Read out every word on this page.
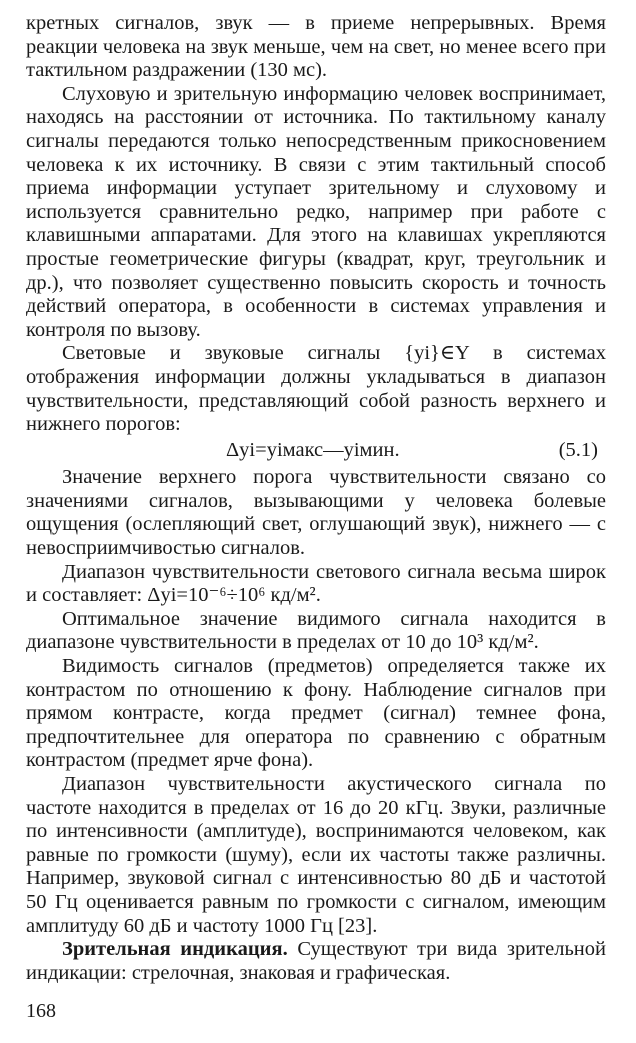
кретных сигналов, звук — в приеме непрерывных. Время реакции человека на звук меньше, чем на свет, но менее всего при тактильном раздражении (130 мс).

Слуховую и зрительную информацию человек воспринимает, находясь на расстоянии от источника. По тактильному каналу сигналы передаются только непосредственным прикосновением человека к их источнику. В связи с этим тактильный способ приема информации уступает зрительному и слуховому и используется сравнительно редко, например при работе с клавишными аппаратами. Для этого на клавишах укрепляются простые геометрические фигуры (квадрат, круг, треугольник и др.), что позволяет существенно повысить скорость и точность действий оператора, в особенности в системах управления и контроля по вызову.

Световые и звуковые сигналы {yi}∈Y в системах отображения информации должны укладываться в диапазон чувствительности, представляющий собой разность верхнего и нижнего порогов:

Δyi=yiмакс—yiмин.	(5.1)

Значение верхнего порога чувствительности связано со значениями сигналов, вызывающими у человека болевые ощущения (ослепляющий свет, оглушающий звук), нижнего — с невосприимчивостью сигналов.

Диапазон чувствительности светового сигнала весьма широк и составляет: Δyi=10⁻⁶÷10⁶ кд/м².

Оптимальное значение видимого сигнала находится в диапазоне чувствительности в пределах от 10 до 10³ кд/м².

Видимость сигналов (предметов) определяется также их контрастом по отношению к фону. Наблюдение сигналов при прямом контрасте, когда предмет (сигнал) темнее фона, предпочтительнее для оператора по сравнению с обратным контрастом (предмет ярче фона).

Диапазон чувствительности акустического сигнала по частоте находится в пределах от 16 до 20 кГц. Звуки, различные по интенсивности (амплитуде), воспринимаются человеком, как равные по громкости (шуму), если их частоты также различны. Например, звуковой сигнал с интенсивностью 80 дБ и частотой 50 Гц оценивается равным по громкости с сигналом, имеющим амплитуду 60 дБ и частоту 1000 Гц [23].

Зрительная индикация. Существуют три вида зрительной индикации: стрелочная, знаковая и графическая.

168
